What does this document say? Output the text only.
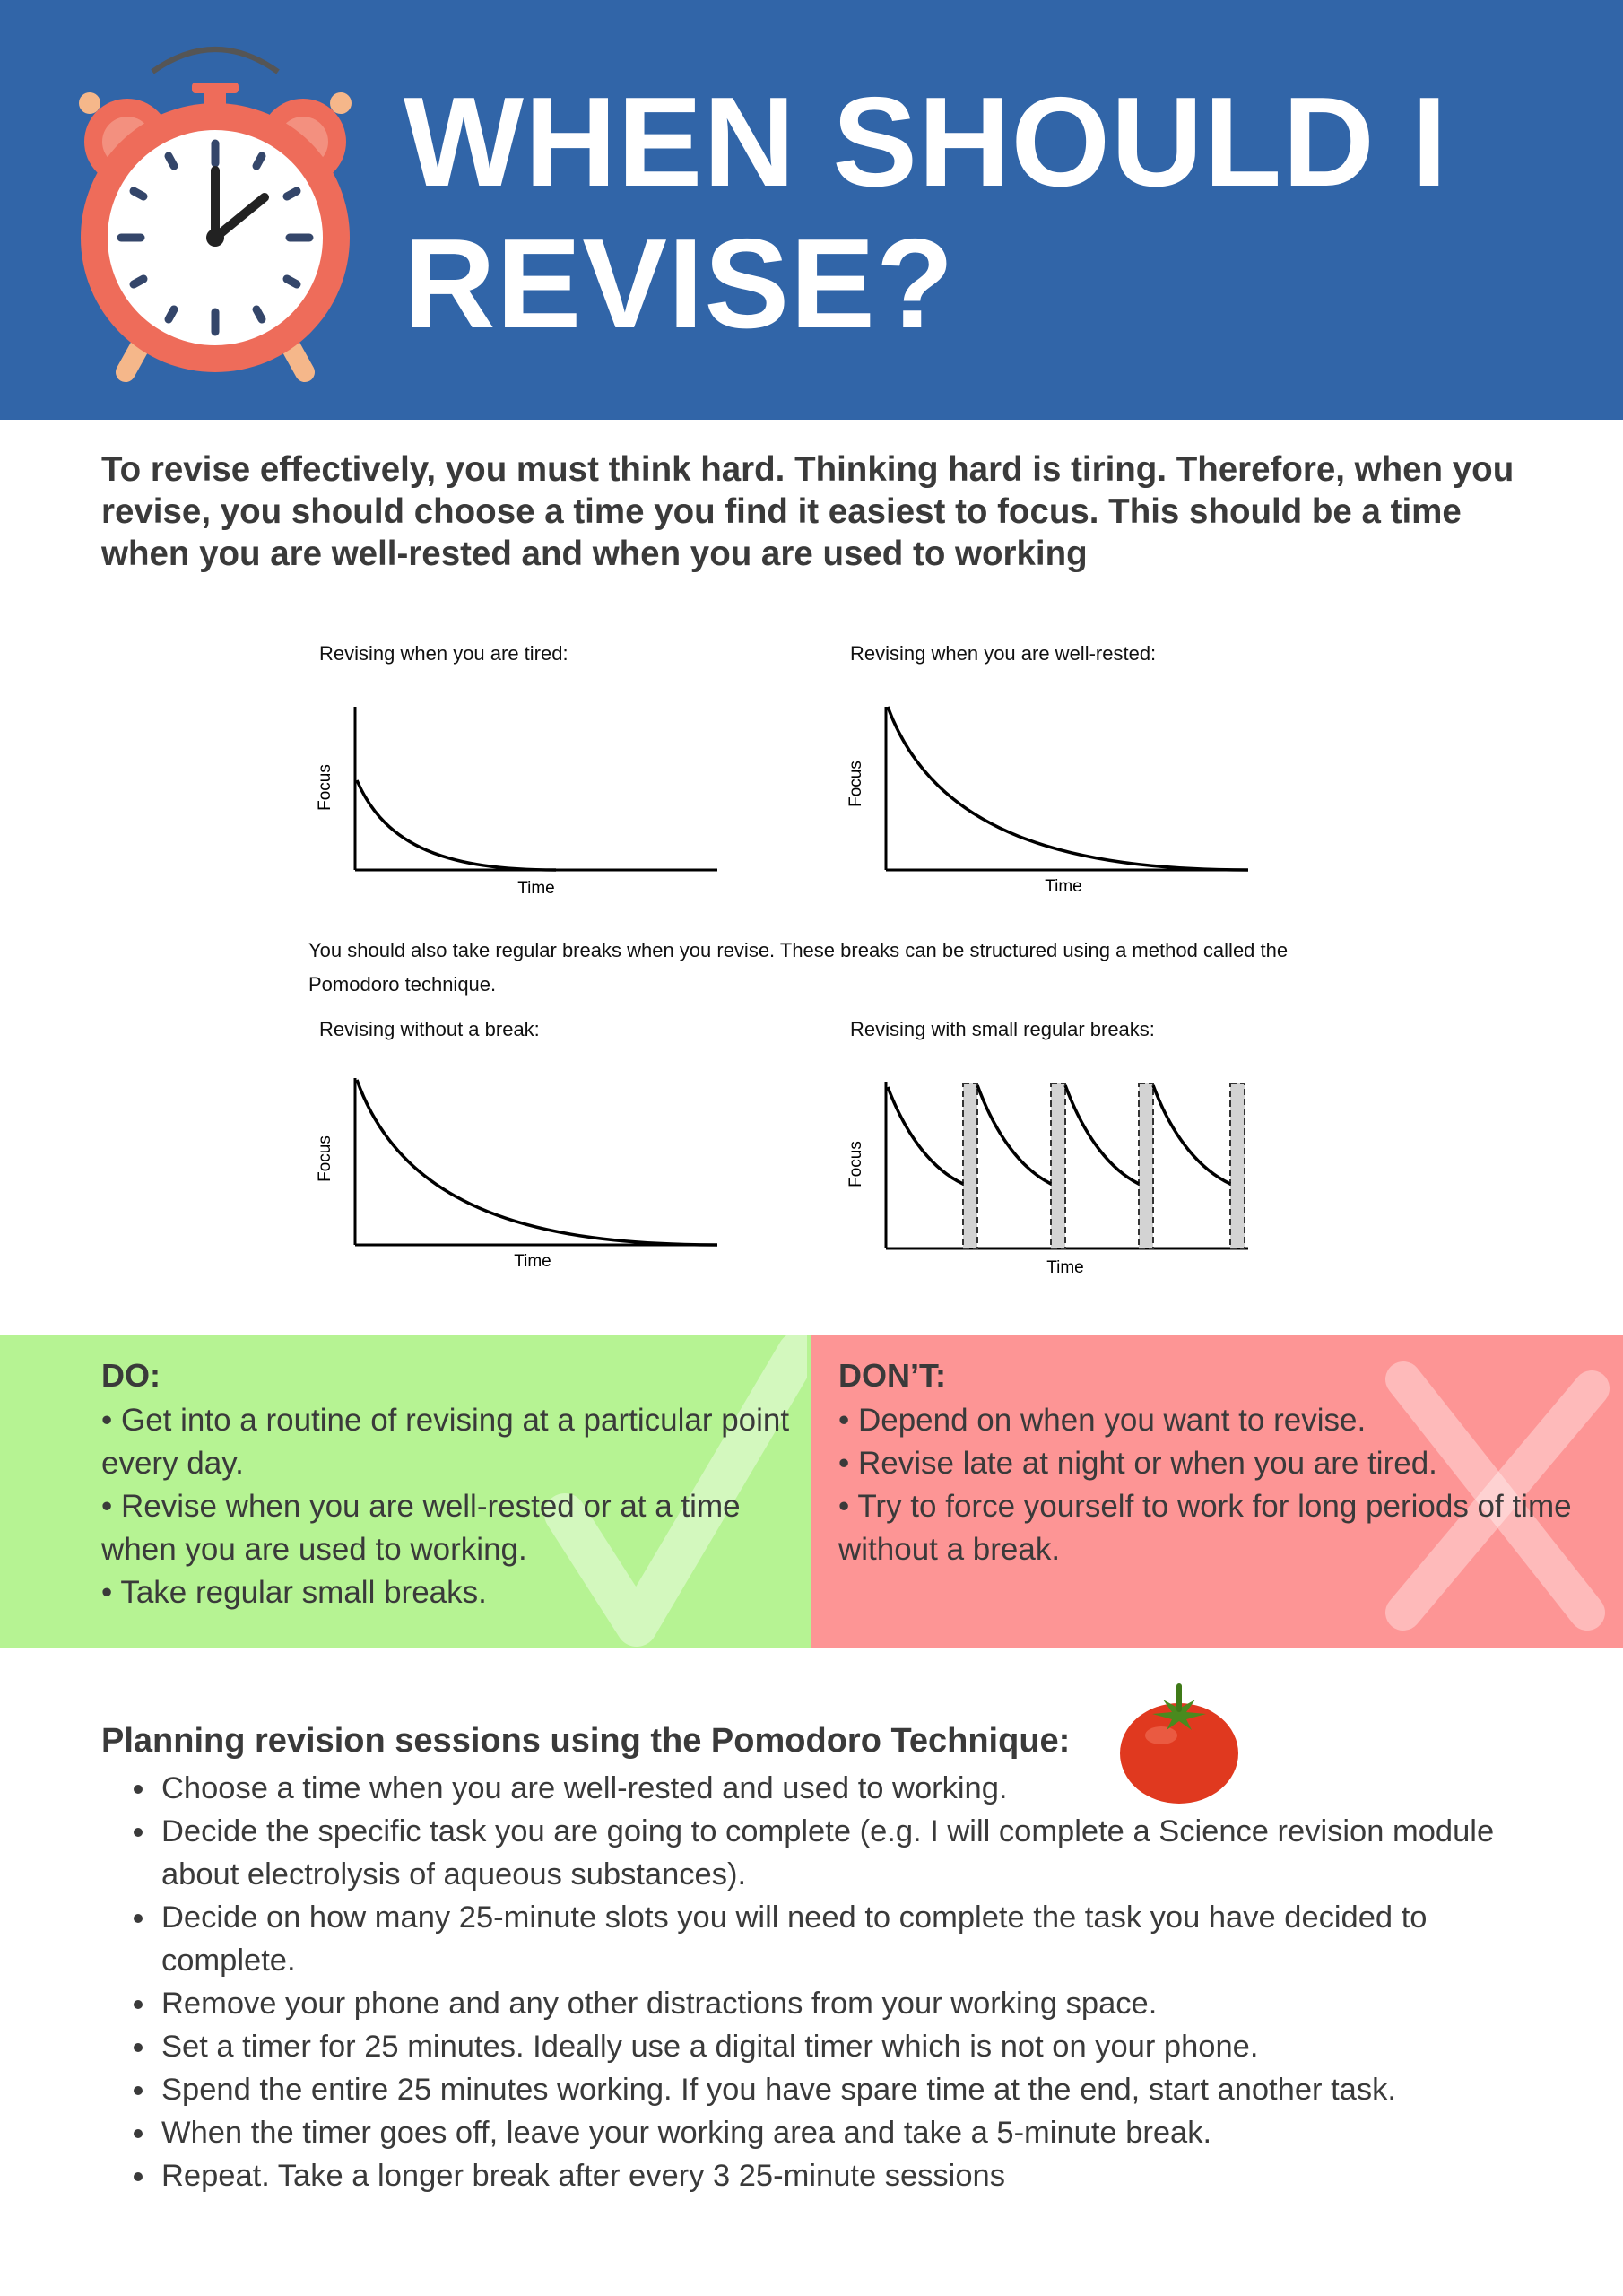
WHEN SHOULD I
REVISE?
To revise effectively, you must think hard. Thinking hard is tiring. Therefore, when you revise, you should choose a time you find it easiest to focus. This should be a time when you are well-rested and when you are used to working
Revising when you are tired:	Revising when you are well-rested:
Focus
Time
Focus
Time
You should also take regular breaks when you revise. These breaks can be structured using a method called the Pomodoro technique.
Revising without a break:	Revising with small regular breaks:
Focus
Time
Focus
Time
DO:

• Get into a routine of revising at a particular point every day.

• Revise when you are well-rested or at a time when you are used to working.

• Take regular small breaks.

DON’T:

• Depend on when you want to revise.

• Revise late at night or when you are tired.

• Try to force yourself to work for long periods of time without a break.

Planning revision sessions using the Pomodoro Technique:
• Choose a time when you are well-rested and used to working.
• Decide the specific task you are going to complete (e.g. I will complete a Science revision module about electrolysis of aqueous substances).
• Decide on how many 25-minute slots you will need to complete the task you have decided to complete.
• Remove your phone and any other distractions from your working space.
• Set a timer for 25 minutes. Ideally use a digital timer which is not on your phone.
• Spend the entire 25 minutes working. If you have spare time at the end, start another task.
• When the timer goes off, leave your working area and take a 5-minute break.
• Repeat. Take a longer break after every 3 25-minute sessions
